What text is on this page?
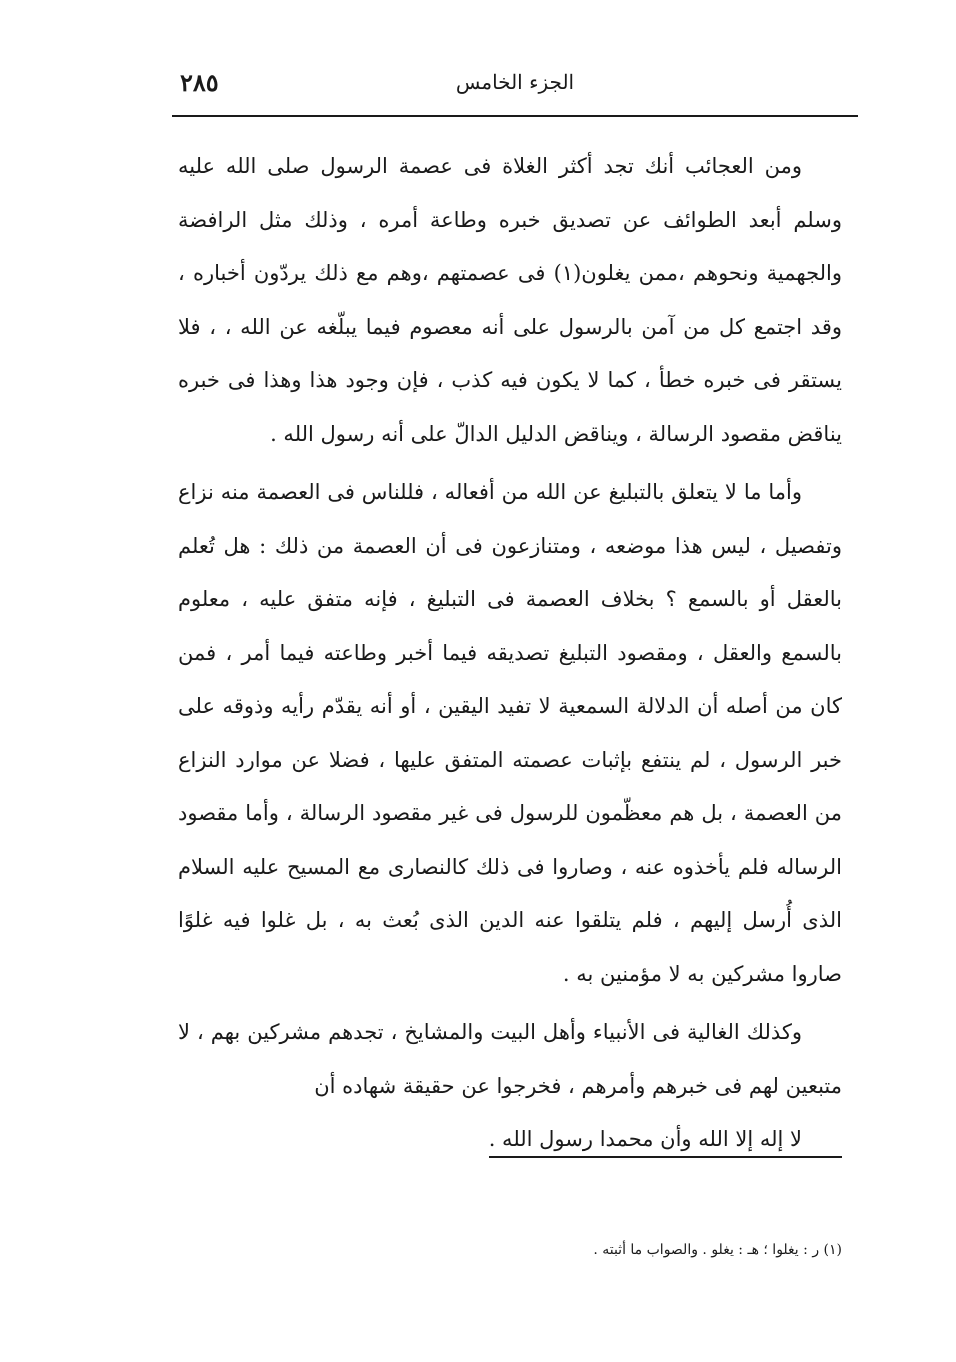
الجزء الخامس
٢٨٥

ومن العجائب أنك تجد أكثر الغلاة فى عصمة الرسول صلى الله عليه وسلم أبعد الطوائف عن تصديق خبره وطاعة أمره ، وذلك مثل الرافضة والجهمية ونحوهم ،ممن يغلون(١) فى عصمتهم ،وهم مع ذلك يردّون أخباره ، وقد اجتمع كل من آمن بالرسول على أنه معصوم فيما يبلّغه عن الله ، ، فلا يستقر فى خبره خطأ ، كما لا يكون فيه كذب ، فإن وجود هذا وهذا فى خبره يناقض مقصود الرسالة ، ويناقض الدليل الدالّ على أنه رسول الله .

وأما ما لا يتعلق بالتبليغ عن الله من أفعاله ، فللناس فى العصمة منه نزاع وتفصيل ، ليس هذا موضعه ، ومتنازعون فى أن العصمة من ذلك : هل تُعلم بالعقل أو بالسمع ؟ بخلاف العصمة فى التبليغ ، فإنه متفق عليه ، معلوم بالسمع والعقل ، ومقصود التبليغ تصديقه فيما أخبر وطاعته فيما أمر ، فمن كان من أصله أن الدلالة السمعية لا تفيد اليقين ، أو أنه يقدّم رأيه وذوقه على خبر الرسول ، لم ينتفع بإثبات عصمته المتفق عليها ، فضلا عن موارد النزاع من العصمة ، بل هم معظّمون للرسول فى غير مقصود الرسالة ، وأما مقصود الرساله فلم يأخذوه عنه ، وصاروا فى ذلك كالنصارى مع المسيح عليه السلام الذى أُرسل إليهم ، فلم يتلقوا عنه الدين الذى بُعث به ، بل غلوا فيه غلوًا صاروا مشركين به لا مؤمنين به .

وكذلك الغالية فى الأنبياء وأهل البيت والمشايخ ، تجدهم مشركين بهم ، لا متبعين لهم فى خبرهم وأمرهم ، فخرجوا عن حقيقة شهاده أن
لا إله إلا الله وأن محمدا رسول الله .

(١) ر : يغلوا ؛ هـ : يغلو . والصواب ما أثبته .
